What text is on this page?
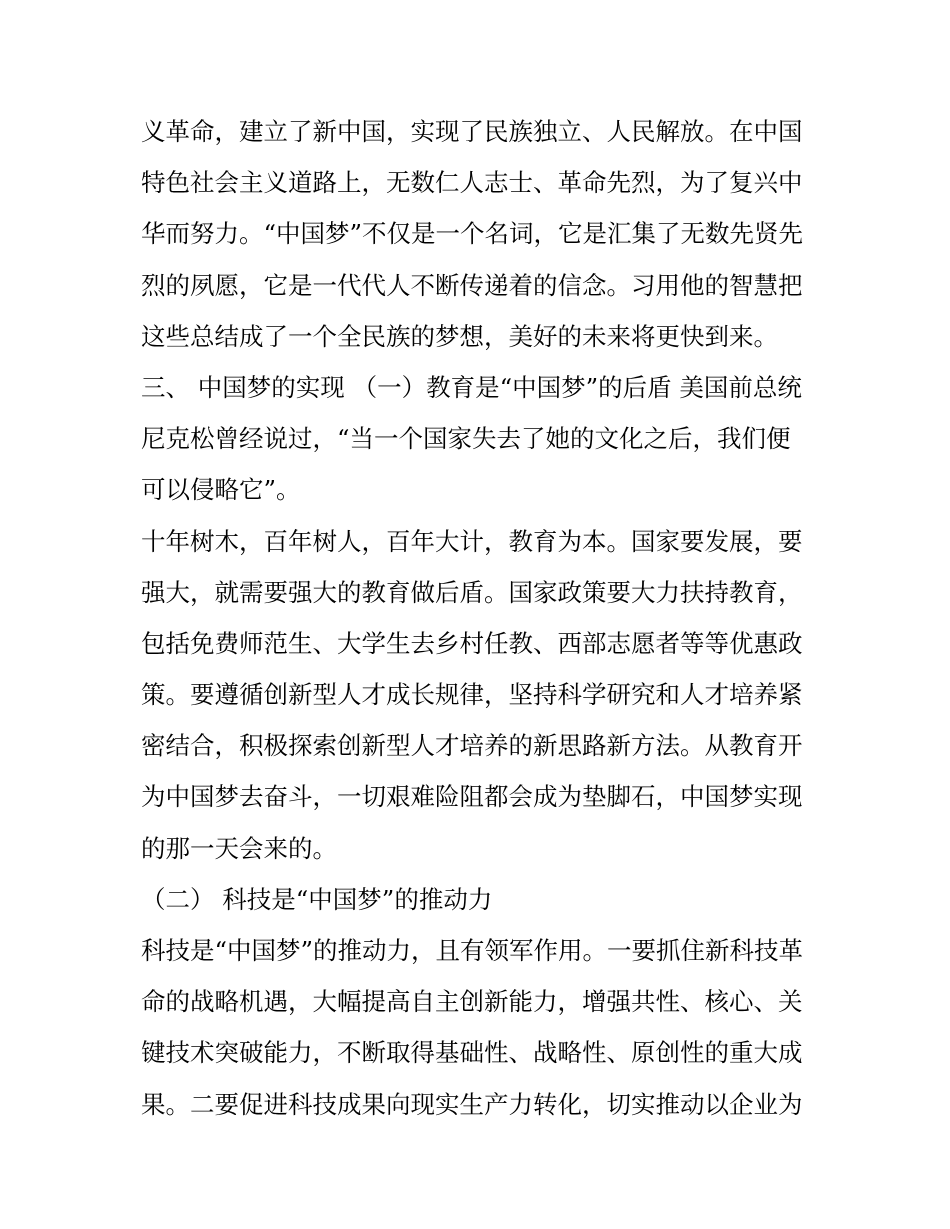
义革命，建立了新中国，实现了民族独立、人民解放。在中国
特色社会主义道路上，无数仁人志士、革命先烈，为了复兴中
华而努力。“中国梦”不仅是一个名词，它是汇集了无数先贤先
烈的夙愿，它是一代代人不断传递着的信念。习用他的智慧把
这些总结成了一个全民族的梦想，美好的未来将更快到来。
三、 中国梦的实现 （一）教育是“中国梦”的后盾 美国前总统
尼克松曾经说过，“当一个国家失去了她的文化之后，我们便
可以侵略它”。
十年树木，百年树人，百年大计，教育为本。国家要发展，要
强大，就需要强大的教育做后盾。国家政策要大力扶持教育，
包括免费师范生、大学生去乡村任教、西部志愿者等等优惠政
策。要遵循创新型人才成长规律，坚持科学研究和人才培养紧
密结合，积极探索创新型人才培养的新思路新方法。从教育开
为中国梦去奋斗，一切艰难险阻都会成为垫脚石，中国梦实现
的那一天会来的。
（二） 科技是“中国梦”的推动力
科技是“中国梦”的推动力，且有领军作用。一要抓住新科技革
命的战略机遇，大幅提高自主创新能力，增强共性、核心、关
键技术突破能力，不断取得基础性、战略性、原创性的重大成
果。二要促进科技成果向现实生产力转化，切实推动以企业为
